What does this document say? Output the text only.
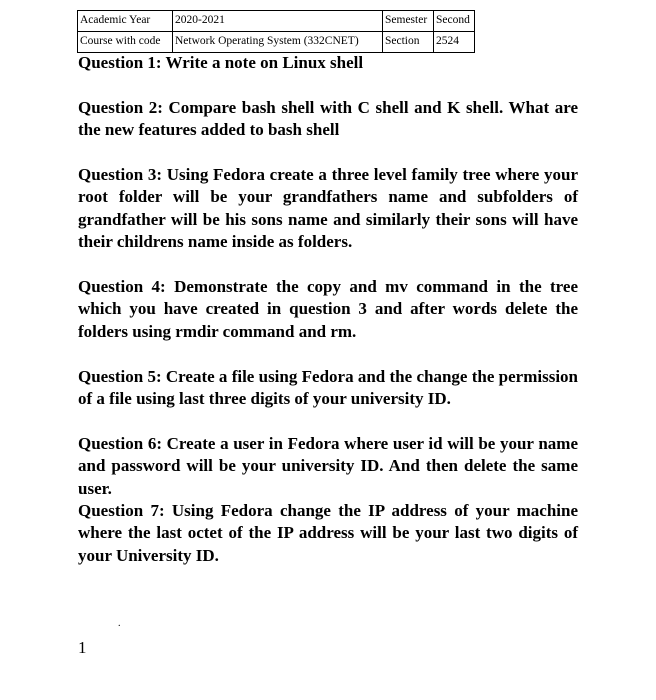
Academic Year	2020-2021	Semester	Second
Course with code	Network Operating System (332CNET)	Section	2524

Question 1: Write a note on Linux shell

Question 2: Compare bash shell with C shell and K shell. What are the new features added to bash shell

Question 3: Using Fedora create a three level family tree where your root folder will be your grandfathers name and subfolders of grandfather will be his sons name and similarly their sons will have their childrens name inside as folders.

Question 4: Demonstrate the copy and mv command in the tree which you have created in question 3 and after words delete the folders using rmdir command and rm.

Question 5: Create a file using Fedora and the change the permission of a file using last three digits of your university ID.

Question 6: Create a user in Fedora where user id will be your name and password will be your university ID. And then delete the same user.

Question 7: Using Fedora change the IP address of your machine where the last octet of the IP address will be your last two digits of your University ID.

.
1
